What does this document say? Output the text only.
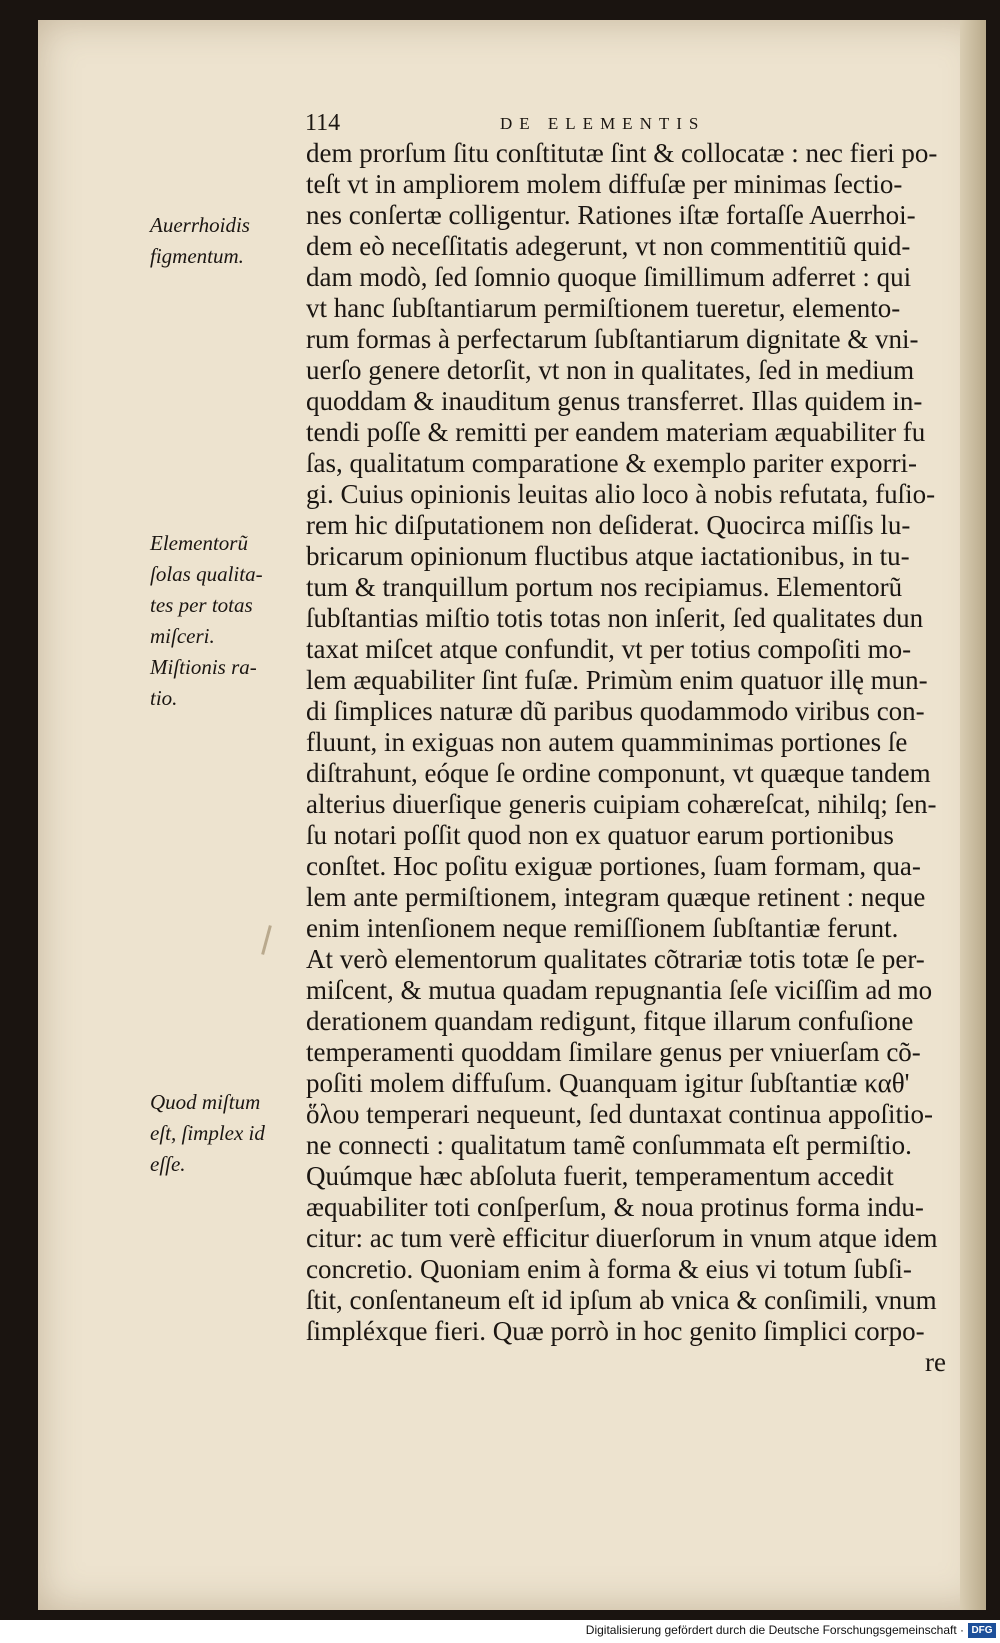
114	DE ELEMENTIS
Auerrhoidis
figmentum.
Elementorũ
ſolas qualita-
tes per totas
miſceri.
Miſtionis ra-
tio.
Quod miſtum
eſt, ſimplex id
eſſe.
dem prorſum ſitu conſtitutæ ſint & collocatæ : nec fieri po-
teſt vt in ampliorem molem diffuſæ per minimas ſectio-
nes conſertæ colligentur. Rationes iſtæ fortaſſe Auerrhoi-
dem eò neceſſitatis adegerunt, vt non commentitiũ quid-
dam modò, ſed ſomnio quoque ſimillimum adferret : qui
vt hanc ſubſtantiarum permiſtionem tueretur, elemento-
rum formas à perfectarum ſubſtantiarum dignitate & vni-
uerſo genere detorſit, vt non in qualitates, ſed in medium
quoddam & inauditum genus transferret. Illas quidem in-
tendi poſſe & remitti per eandem materiam æquabiliter fu
ſas, qualitatum comparatione & exemplo pariter exporri-
gi. Cuius opinionis leuitas alio loco à nobis refutata, fuſio-
rem hic diſputationem non deſiderat. Quocirca miſſis lu-
bricarum opinionum fluctibus atque iactationibus, in tu-
tum & tranquillum portum nos recipiamus. Elementorũ
ſubſtantias miſtio totis totas non inſerit, ſed qualitates dun
taxat miſcet atque confundit, vt per totius compoſiti mo-
lem æquabiliter ſint fuſæ. Primùm enim quatuor illę mun-
di ſimplices naturæ dũ paribus quodammodo viribus con-
fluunt, in exiguas non autem quamminimas portiones ſe
diſtrahunt, eóque ſe ordine componunt, vt quæque tandem
alterius diuerſique generis cuipiam cohæreſcat, nihilq; ſen-
ſu notari poſſit quod non ex quatuor earum portionibus
conſtet. Hoc poſitu exiguæ portiones, ſuam formam, qua-
lem ante permiſtionem, integram quæque retinent : neque
enim intenſionem neque remiſſionem ſubſtantiæ ferunt.
At verò elementorum qualitates cõtrariæ totis totæ ſe per-
miſcent, & mutua quadam repugnantia ſeſe viciſſim ad mo
derationem quandam redigunt, fitque illarum confuſione
temperamenti quoddam ſimilare genus per vniuerſam cõ-
poſiti molem diffuſum. Quanquam igitur ſubſtantiæ καθ'
ὅλου temperari nequeunt, ſed duntaxat continua appoſitio-
ne connecti : qualitatum tamẽ conſummata eſt permiſtio.
Quúmque hæc abſoluta fuerit, temperamentum accedit
æquabiliter toti conſperſum, & noua protinus forma indu-
citur: ac tum verè efficitur diuerſorum in vnum atque idem
concretio. Quoniam enim à forma & eius vi totum ſubſi-
ſtit, conſentaneum eſt id ipſum ab vnica & conſimili, vnum
ſimpléxque fieri. Quæ porrò in hoc genito ſimplici corpo-
re
Digitalisierung gefördert durch die Deutsche Forschungsgemeinschaft · DFG
